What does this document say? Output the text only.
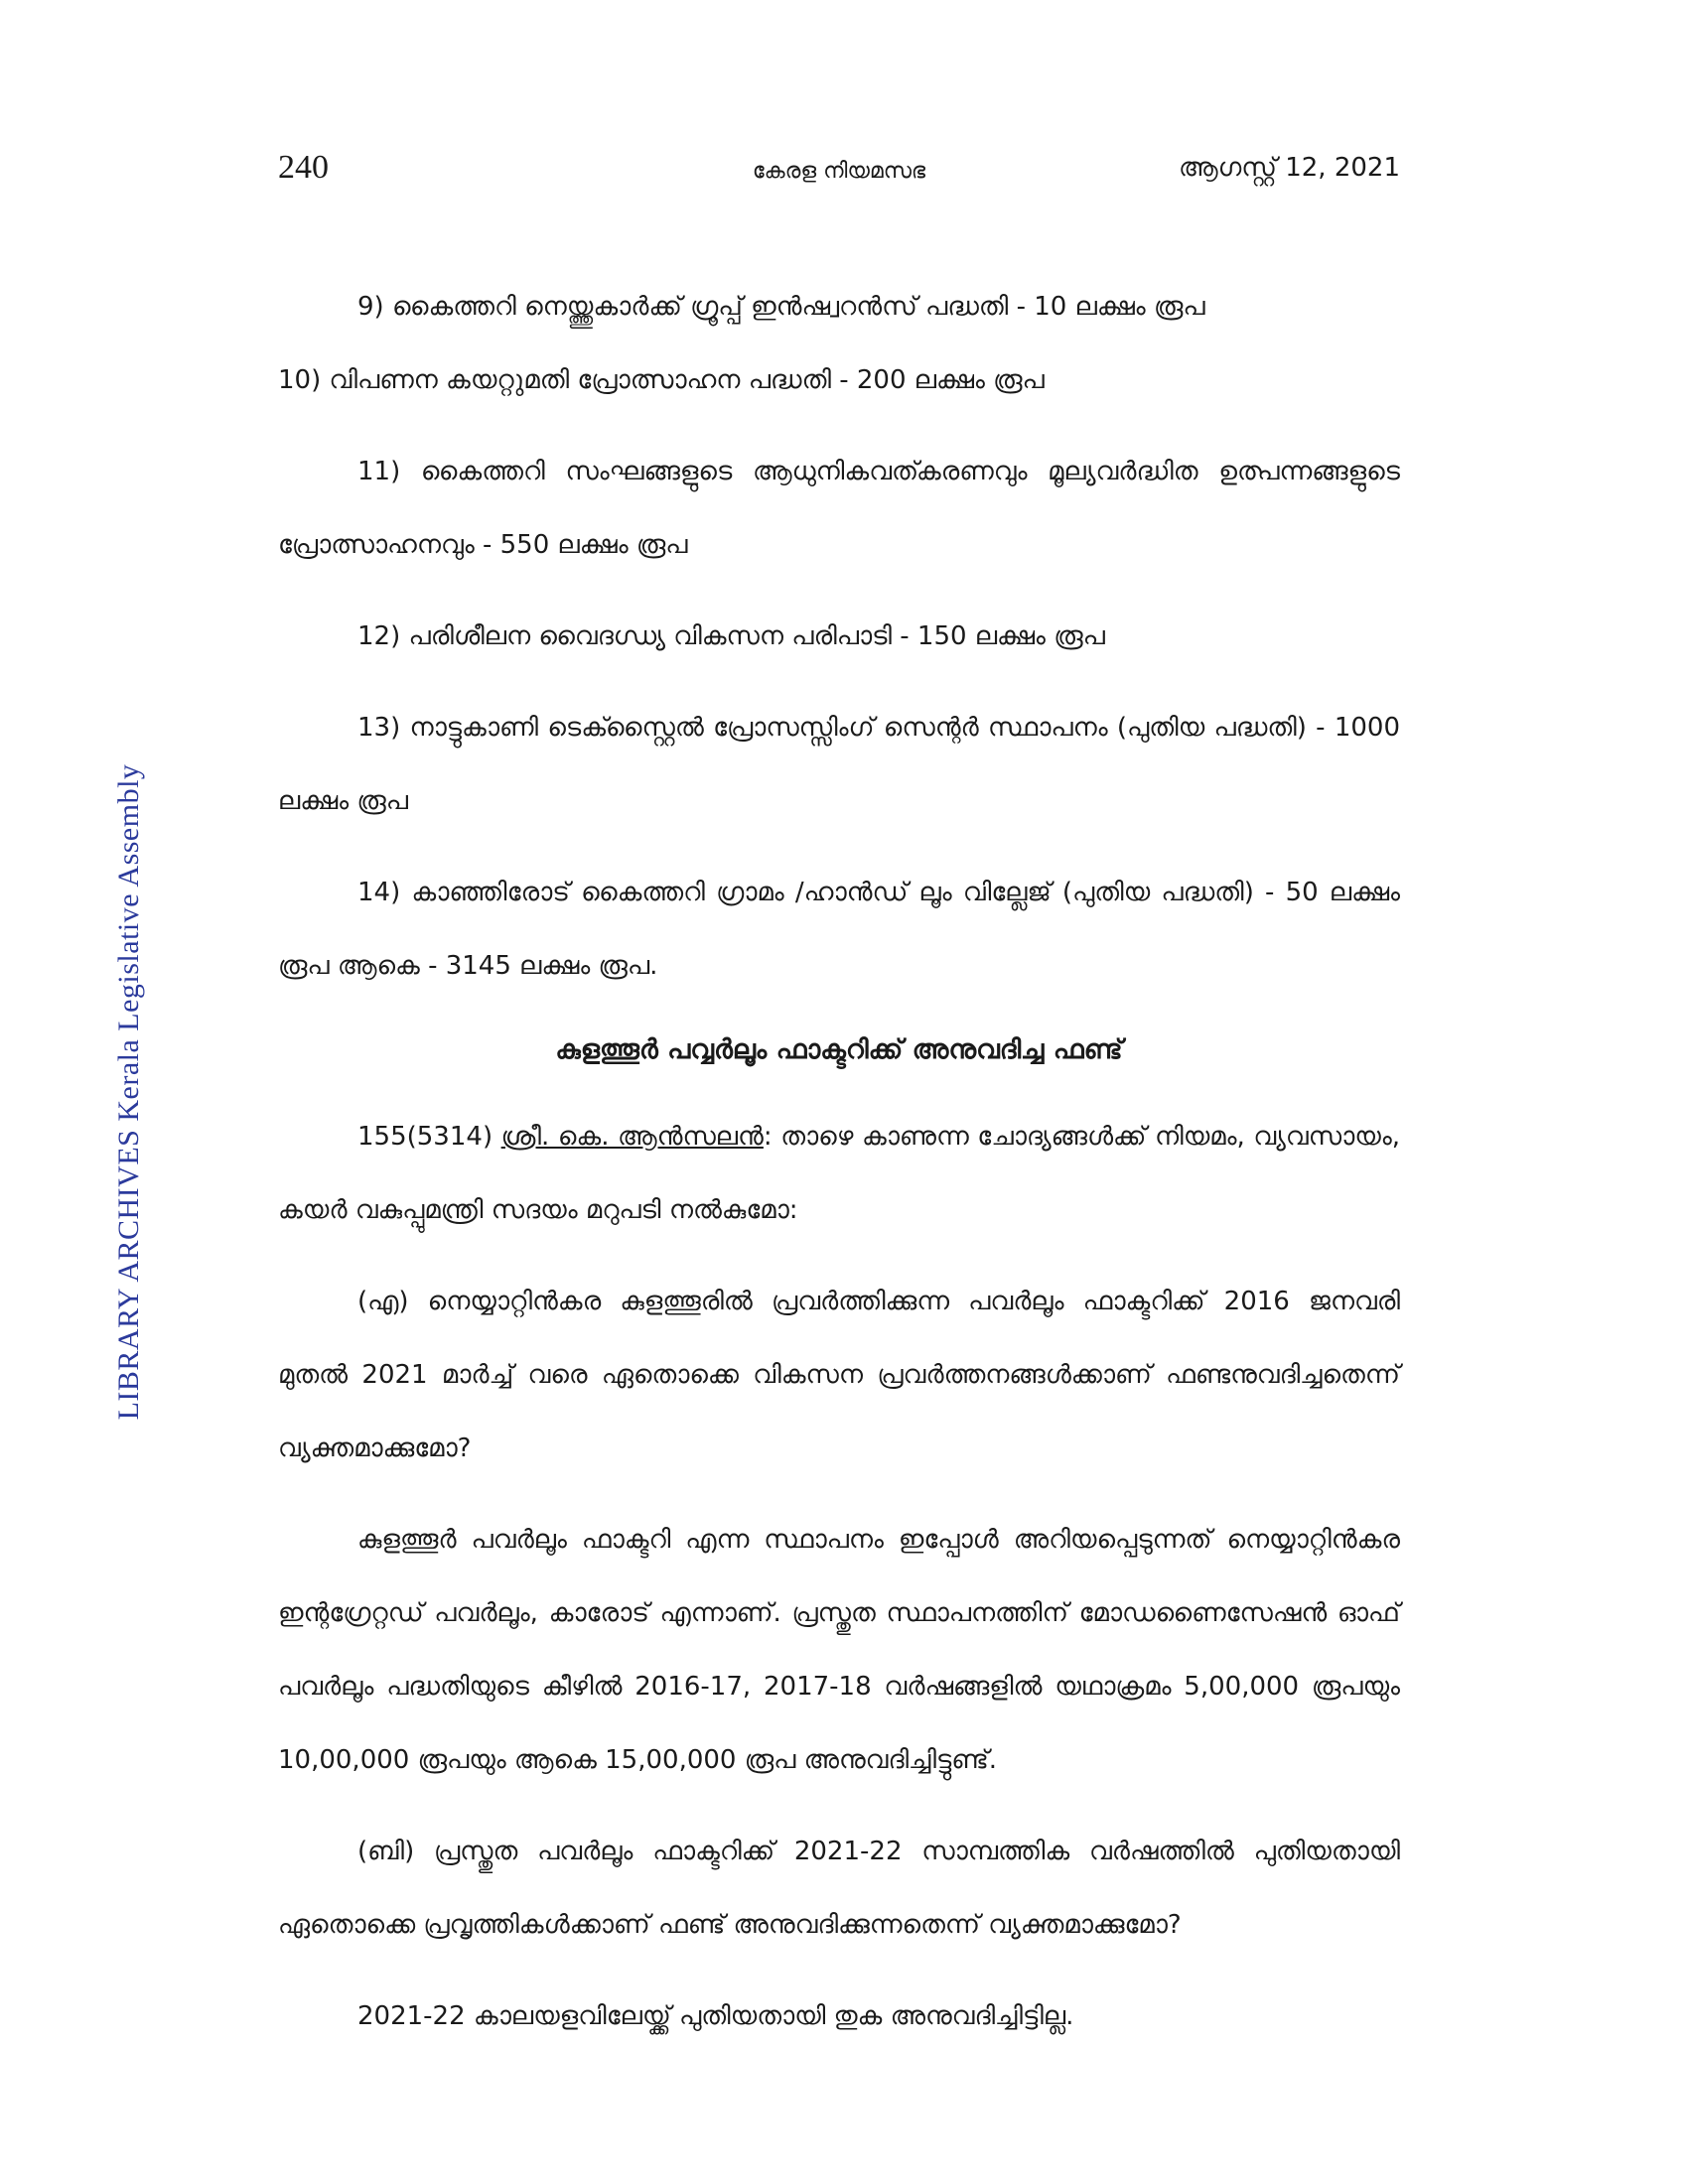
240	കേരള നിയമസഭ	ആഗസ്റ്റ് 12, 2021
LIBRARY ARCHIVES Kerala Legislative Assembly

9) കൈത്തറി നെയ്ത്തുകാർക്ക് ഗ്രൂപ്പ് ഇൻഷ്വറൻസ് പദ്ധതി - 10 ലക്ഷം രൂപ

10) വിപണന കയറ്റുമതി പ്രോത്സാഹന പദ്ധതി - 200 ലക്ഷം രൂപ

11) കൈത്തറി സംഘങ്ങളുടെ ആധുനികവത്കരണവും മൂല്യവർദ്ധിത ഉത്പന്നങ്ങളുടെ പ്രോത്സാഹനവും - 550 ലക്ഷം രൂപ

12) പരിശീലന വൈദഗ്ധ്യ വികസന പരിപാടി - 150 ലക്ഷം രൂപ

13) നാട്ടുകാണി ടെക്സ്റ്റൈൽ പ്രോസസ്സിംഗ് സെന്റർ സ്ഥാപനം (പുതിയ പദ്ധതി) - 1000 ലക്ഷം രൂപ

14) കാഞ്ഞിരോട് കൈത്തറി ഗ്രാമം /ഹാൻഡ് ലൂം വില്ലേജ് (പുതിയ പദ്ധതി) - 50 ലക്ഷം രൂപ ആകെ - 3145 ലക്ഷം രൂപ.

കുളത്തൂർ പവ്വർലൂം ഫാക്ടറിക്ക് അനുവദിച്ച ഫണ്ട്

155(5314) ശ്രീ. കെ. ആൻസലൻ: താഴെ കാണുന്ന ചോദ്യങ്ങൾക്ക് നിയമം, വ്യവസായം, കയർ വകുപ്പുമന്ത്രി സദയം മറുപടി നൽകുമോ:

(എ) നെയ്യാറ്റിൻകര കുളത്തൂരിൽ പ്രവർത്തിക്കുന്ന പവർലൂം ഫാക്ടറിക്ക് 2016 ജനവരി മുതൽ 2021 മാർച്ച് വരെ ഏതൊക്കെ വികസന പ്രവർത്തനങ്ങൾക്കാണ് ഫണ്ടനുവദിച്ചതെന്ന് വ്യക്തമാക്കുമോ?

കുളത്തൂർ പവർലൂം ഫാക്ടറി എന്ന സ്ഥാപനം ഇപ്പോൾ അറിയപ്പെടുന്നത് നെയ്യാറ്റിൻകര ഇന്റഗ്രേറ്റഡ് പവർലൂം, കാരോട് എന്നാണ്. പ്രസ്തുത സ്ഥാപനത്തിന് മോഡണൈസേഷൻ ഓഫ് പവർലൂം പദ്ധതിയുടെ കീഴിൽ 2016-17, 2017-18 വർഷങ്ങളിൽ യഥാക്രമം 5,00,000 രൂപയും 10,00,000 രൂപയും ആകെ 15,00,000 രൂപ അനുവദിച്ചിട്ടുണ്ട്.

(ബി) പ്രസ്തുത പവർലൂം ഫാക്ടറിക്ക് 2021-22 സാമ്പത്തിക വർഷത്തിൽ പുതിയതായി ഏതൊക്കെ പ്രവൃത്തികൾക്കാണ് ഫണ്ട് അനുവദിക്കുന്നതെന്ന് വ്യക്തമാക്കുമോ?

2021-22 കാലയളവിലേയ്ക്ക് പുതിയതായി തുക അനുവദിച്ചിട്ടില്ല.
